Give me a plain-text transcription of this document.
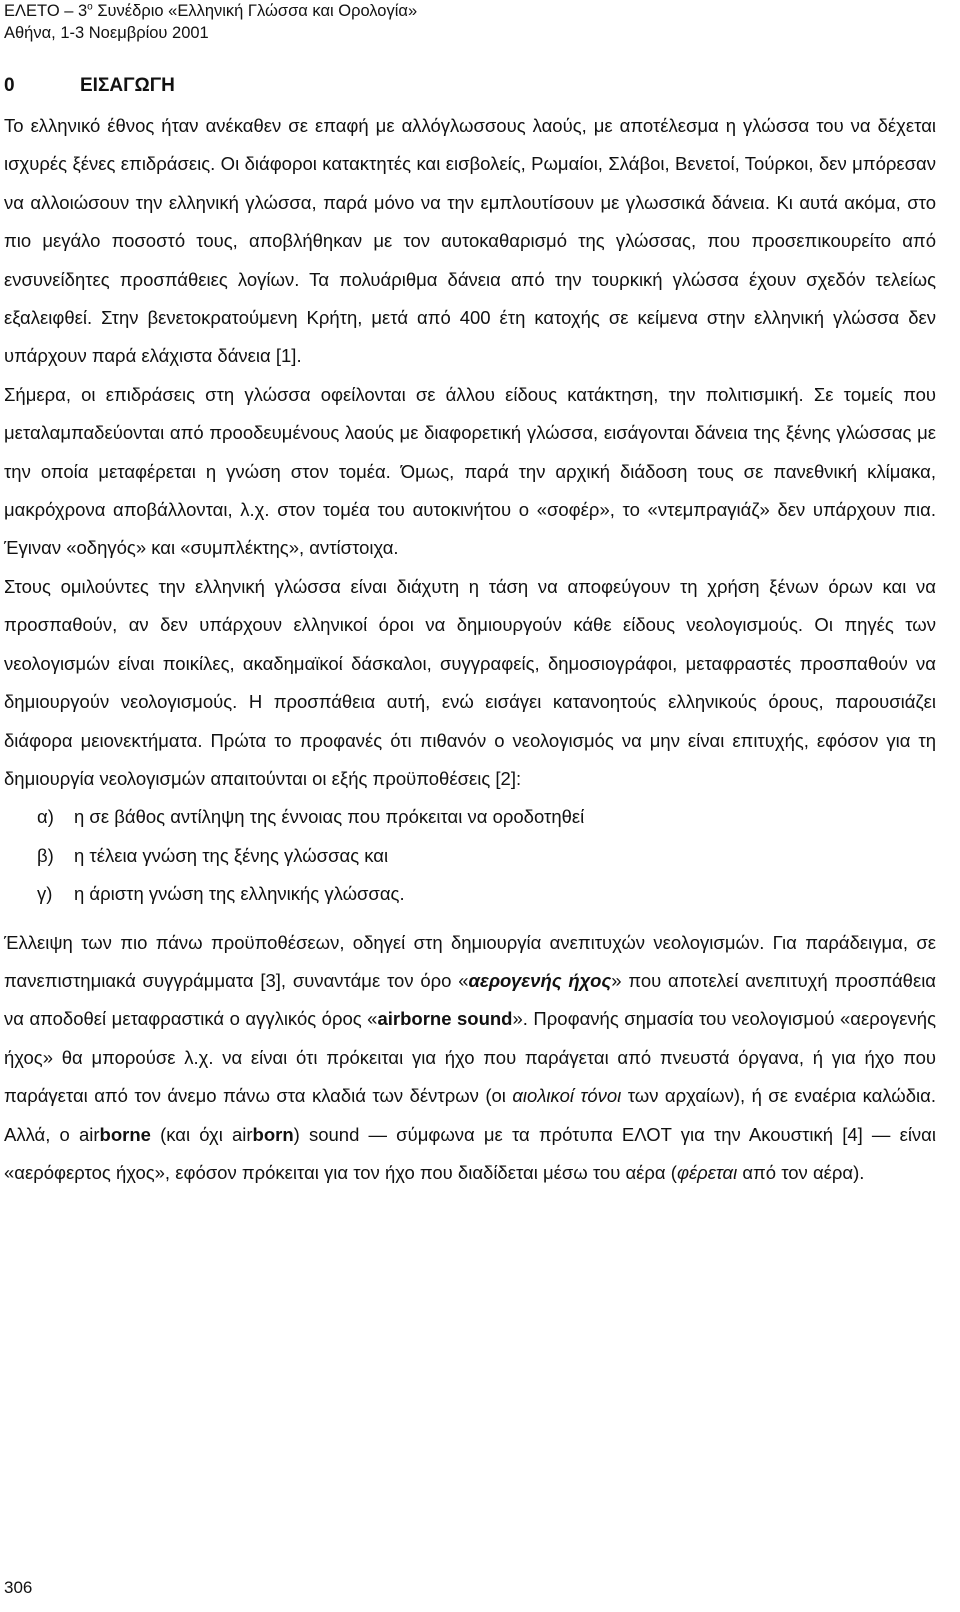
ΕΛΕΤΟ – $3^o$ Συνέδριο «Ελληνική Γλώσσα και Ορολογία»
Αθήνα, 1-3 Νοεμβρίου 2001
0	ΕΙΣΑΓΩΓΗ

Το ελληνικό έθνος ήταν ανέκαθεν σε επαφή με αλλόγλωσσους λαούς, με αποτέλεσμα η γλώσσα του να δέχεται ισχυρές ξένες επιδράσεις. Οι διάφοροι κατακτητές και εισβολείς, Ρωμαίοι, Σλάβοι, Βενετοί, Τούρκοι, δεν μπόρεσαν να αλλοιώσουν την ελληνική γλώσσα, παρά μόνο να την εμπλουτίσουν με γλωσσικά δάνεια. Κι αυτά ακόμα, στο πιο μεγάλο ποσοστό τους, αποβλήθηκαν με τον αυτοκαθαρισμό της γλώσσας, που προσεπικουρείτο από ενσυνείδητες προσπάθειες λογίων. Τα πολυάριθμα δάνεια από την τουρκική γλώσσα έχουν σχεδόν τελείως εξαλειφθεί. Στην βενετοκρατούμενη Κρήτη, μετά από 400 έτη κατοχής σε κείμενα στην ελληνική γλώσσα δεν υπάρχουν παρά ελάχιστα δάνεια [1].

Σήμερα, οι επιδράσεις στη γλώσσα οφείλονται σε άλλου είδους κατάκτηση, την πολιτισμική. Σε τομείς που μεταλαμπαδεύονται από προοδευμένους λαούς με διαφορετική γλώσσα, εισάγονται δάνεια της ξένης γλώσσας με την οποία μεταφέρεται η γνώση στον τομέα. Όμως, παρά την αρχική διάδοση τους σε πανεθνική κλίμακα, μακρόχρονα αποβάλλονται, λ.χ. στον τομέα του αυτοκινήτου ο «σοφέρ», το «ντεμπραγιάζ» δεν υπάρχουν πια. Έγιναν «οδηγός» και «συμπλέκτης», αντίστοιχα.

Στους ομιλούντες την ελληνική γλώσσα είναι διάχυτη η τάση να αποφεύγουν τη χρήση ξένων όρων και να προσπαθούν, αν δεν υπάρχουν ελληνικοί όροι να δημιουργούν κάθε είδους νεολογισμούς. Οι πηγές των νεολογισμών είναι ποικίλες, ακαδημαϊκοί δάσκαλοι, συγγραφείς, δημοσιογράφοι, μεταφραστές προσπαθούν να δημιουργούν νεολογισμούς. Η προσπάθεια αυτή, ενώ εισάγει κατανοητούς ελληνικούς όρους, παρουσιάζει διάφορα μειονεκτήματα. Πρώτα το προφανές ότι πιθανόν ο νεολογισμός να μην είναι επιτυχής, εφόσον για τη δημιουργία νεολογισμών απαιτούνται οι εξής προϋποθέσεις [2]:

α)	η σε βάθος αντίληψη της έννοιας που πρόκειται να οροδοτηθεί
β)	η τέλεια γνώση της ξένης γλώσσας και
γ)	η άριστη γνώση της ελληνικής γλώσσας.

Έλλειψη των πιο πάνω προϋποθέσεων, οδηγεί στη δημιουργία ανεπιτυχών νεολογισμών. Για παράδειγμα, σε πανεπιστημιακά συγγράμματα [3], συναντάμε τον όρο «αερογενής ήχος» που αποτελεί ανεπιτυχή προσπάθεια να αποδοθεί μεταφραστικά ο αγγλικός όρος «airborne sound». Προφανής σημασία του νεολογισμού «αερογενής ήχος» θα μπορούσε λ.χ. να είναι ότι πρόκειται για ήχο που παράγεται από πνευστά όργανα, ή για ήχο που παράγεται από τον άνεμο πάνω στα κλαδιά των δέντρων (οι αιολικοί τόνοι των αρχαίων), ή σε εναέρια καλώδια. Αλλά, ο airborne (και όχι airborn) sound — σύμφωνα με τα πρότυπα ΕΛΟΤ για την Ακουστική [4] — είναι «αερόφερτος ήχος», εφόσον πρόκειται για τον ήχο που διαδίδεται μέσω του αέρα (φέρεται από τον αέρα).

306
